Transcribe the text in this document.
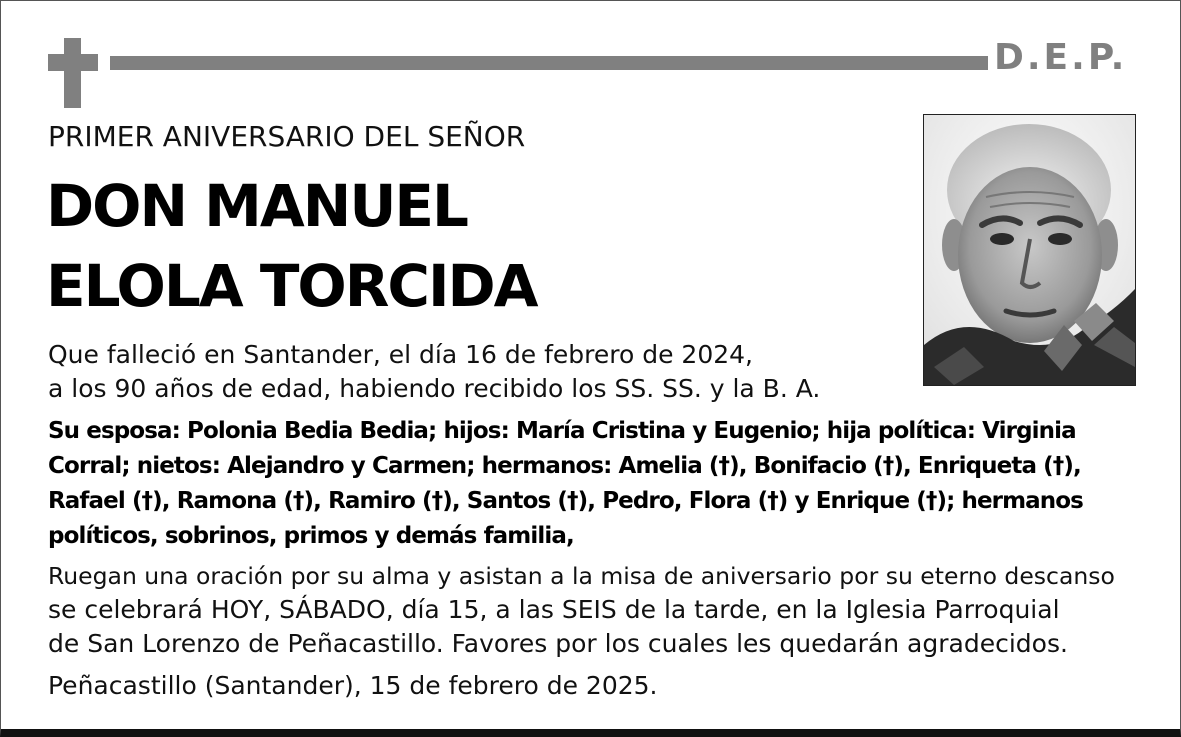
D.E.P.
PRIMER ANIVERSARIO DEL SEÑOR
DON MANUEL
ELOLA TORCIDA
Que falleció en Santander, el día 16 de febrero de 2024,
a los 90 años de edad, habiendo recibido los SS. SS. y la B. A.
Su esposa: Polonia Bedia Bedia; hijos: María Cristina y Eugenio; hija política: Virginia
Corral; nietos: Alejandro y Carmen; hermanos: Amelia (†), Bonifacio (†), Enriqueta (†),
Rafael (†), Ramona (†), Ramiro (†), Santos (†), Pedro, Flora (†) y Enrique (†); hermanos
políticos, sobrinos, primos y demás familia,
Ruegan una oración por su alma y asistan a la misa de aniversario por su eterno descanso
se celebrará HOY, SÁBADO, día 15, a las SEIS de la tarde, en la Iglesia Parroquial
de San Lorenzo de Peñacastillo. Favores por los cuales les quedarán agradecidos.
Peñacastillo (Santander), 15 de febrero de 2025.
